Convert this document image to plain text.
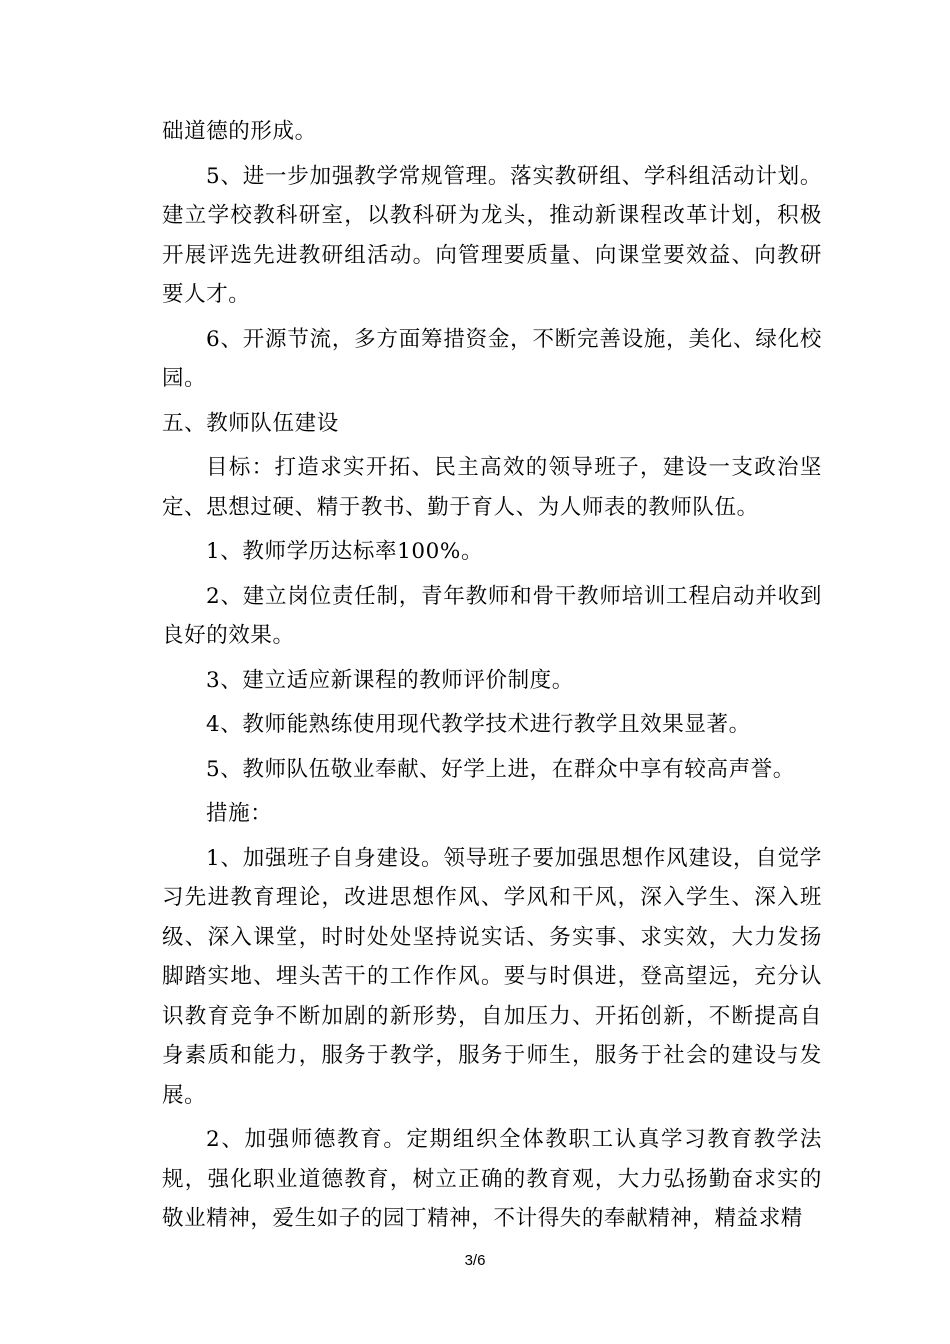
础道德的形成。

5、进一步加强教学常规管理。落实教研组、学科组活动计划。建立学校教科研室，以教科研为龙头，推动新课程改革计划，积极开展评选先进教研组活动。向管理要质量、向课堂要效益、向教研要人才。

6、开源节流，多方面筹措资金，不断完善设施，美化、绿化校园。

五、教师队伍建设

目标：打造求实开拓、民主高效的领导班子，建设一支政治坚定、思想过硬、精于教书、勤于育人、为人师表的教师队伍。

1、教师学历达标率100%。

2、建立岗位责任制，青年教师和骨干教师培训工程启动并收到良好的效果。

3、建立适应新课程的教师评价制度。

4、教师能熟练使用现代教学技术进行教学且效果显著。

5、教师队伍敬业奉献、好学上进，在群众中享有较高声誉。

措施：

1、加强班子自身建设。领导班子要加强思想作风建设，自觉学习先进教育理论，改进思想作风、学风和干风，深入学生、深入班级、深入课堂，时时处处坚持说实话、务实事、求实效，大力发扬脚踏实地、埋头苦干的工作作风。要与时俱进，登高望远，充分认识教育竞争不断加剧的新形势，自加压力、开拓创新，不断提高自身素质和能力，服务于教学，服务于师生，服务于社会的建设与发展。

2、加强师德教育。定期组织全体教职工认真学习教育教学法规，强化职业道德教育，树立正确的教育观，大力弘扬勤奋求实的敬业精神，爱生如子的园丁精神，不计得失的奉献精神，精益求精

3/6
